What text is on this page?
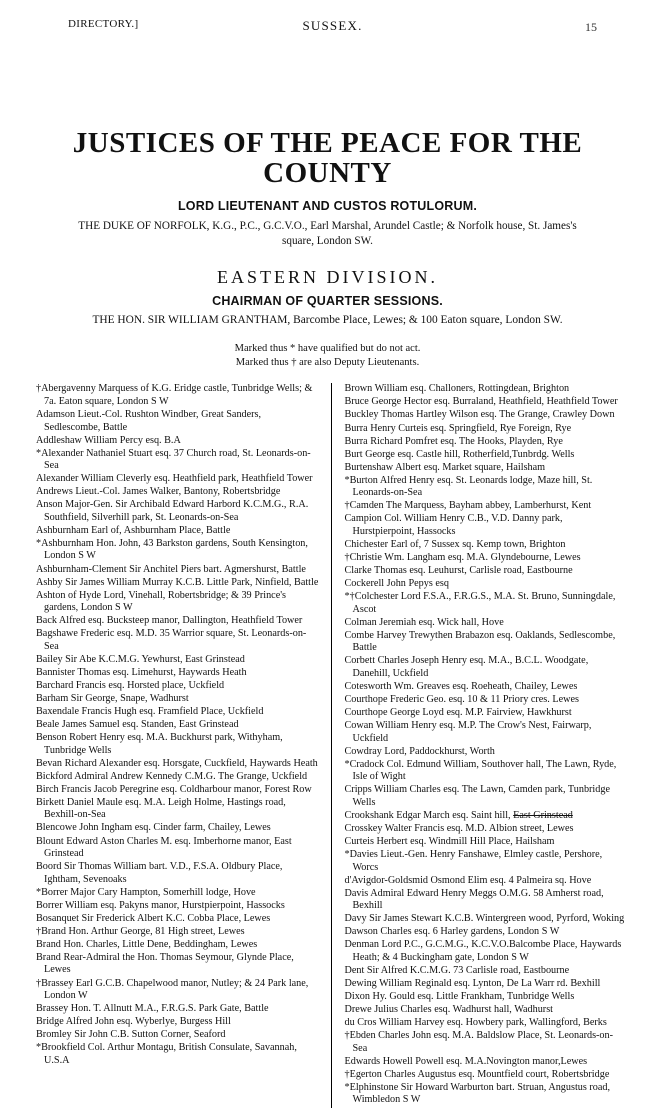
DIRECTORY.]	SUSSEX.	15
JUSTICES OF THE PEACE FOR THE COUNTY
LORD LIEUTENANT AND CUSTOS ROTULORUM.
THE DUKE OF NORFOLK, K.G., P.C., G.C.V.O., Earl Marshal, Arundel Castle; & Norfolk house, St. James's square, London SW.
EASTERN DIVISION.
CHAIRMAN OF QUARTER SESSIONS.
THE HON. SIR WILLIAM GRANTHAM, Barcombe Place, Lewes; & 100 Eaton square, London SW.
Marked thus * have qualified but do not act.
Marked thus † are also Deputy Lieutenants.
†Abergavenny Marquess of K.G. Eridge castle, Tunbridge Wells; & 7a. Eaton square, London S W
Adamson Lieut.-Col. Rushton Windber, Great Sanders, Sedlescombe, Battle
Addleshaw William Percy esq. B.A
*Alexander Nathaniel Stuart esq. 37 Church road, St. Leonards-on-Sea
Alexander William Cleverly esq. Heathfield park, Heathfield Tower
Andrews Lieut.-Col. James Walker, Bantony, Robertsbridge
Anson Major-Gen. Sir Archibald Edward Harbord K.C.M.G., R.A. Southfield, Silverhill park, St. Leonards-on-Sea
Ashburnham Earl of, Ashburnham Place, Battle
*Ashburnham Hon. John, 43 Barkston gardens, South Kensington, London S W
Ashburnham-Clement Sir Anchitel Piers bart. Agmershurst, Battle
Ashby Sir James William Murray K.C.B. Little Park, Ninfield, Battle
Ashton of Hyde Lord, Vinehall, Robertsbridge; & 39 Prince's gardens, London S W
Back Alfred esq. Bucksteep manor, Dallington, Heathfield Tower
Bagshawe Frederic esq. M.D. 35 Warrior square, St. Leonards-on-Sea
Bailey Sir Abe K.C.M.G. Yewhurst, East Grinstead
Bannister Thomas esq. Limehurst, Haywards Heath
Barchard Francis esq. Horsted place, Uckfield
Barham Sir George, Snape, Wadhurst
Baxendale Francis Hugh esq. Framfield Place, Uckfield
Beale James Samuel esq. Standen, East Grinstead
Benson Robert Henry esq. M.A. Buckhurst park, Withyham, Tunbridge Wells
Bevan Richard Alexander esq. Horsgate, Cuckfield, Haywards Heath
Bickford Admiral Andrew Kennedy C.M.G. The Grange, Uckfield
Birch Francis Jacob Peregrine esq. Coldharbour manor, Forest Row
Birkett Daniel Maule esq. M.A. Leigh Holme, Hastings road, Bexhill-on-Sea
Blencowe John Ingham esq. Cinder farm, Chailey, Lewes
Blount Edward Aston Charles M. esq. Imberhorne manor, East Grinstead
Boord Sir Thomas William bart. V.D., F.S.A. Oldbury Place, Ightham, Sevenoaks
*Borrer Major Cary Hampton, Somerhill lodge, Hove
Borrer William esq. Pakyns manor, Hurstpierpoint, Hassocks
Bosanquet Sir Frederick Albert K.C. Cobba Place, Lewes
†Brand Hon. Arthur George, 81 High street, Lewes
Brand Hon. Charles, Little Dene, Beddingham, Lewes
Brand Rear-Admiral the Hon. Thomas Seymour, Glynde Place, Lewes
†Brassey Earl G.C.B. Chapelwood manor, Nutley; & 24 Park lane, London W
Brassey Hon. T. Allnutt M.A., F.R.G.S. Park Gate, Battle
Bridge Alfred John esq. Wyberlye, Burgess Hill
Bromley Sir John C.B. Sutton Corner, Seaford
*Brookfield Col. Arthur Montagu, British Consulate, Savannah, U.S.A
Brown William esq. Challoners, Rottingdean, Brighton
Bruce George Hector esq. Burraland, Heathfield, Heathfield Tower
Buckley Thomas Hartley Wilson esq. The Grange, Crawley Down
Burra Henry Curteis esq. Springfield, Rye Foreign, Rye
Burra Richard Pomfret esq. The Hooks, Playden, Rye
Burt George esq. Castle hill, Rotherfield,Tunbrdg. Wells
Burtenshaw Albert esq. Market square, Hailsham
*Burton Alfred Henry esq. St. Leonards lodge, Maze hill, St. Leonards-on-Sea
†Camden The Marquess, Bayham abbey, Lamberhurst, Kent
Campion Col. William Henry C.B., V.D. Danny park, Hurstpierpoint, Hassocks
Chichester Earl of, 7 Sussex sq. Kemp town, Brighton
†Christie Wm. Langham esq. M.A. Glyndebourne, Lewes
Clarke Thomas esq. Leuhurst, Carlisle road, Eastbourne
Cockerell John Pepys esq
*†Colchester Lord F.S.A., F.R.G.S., M.A. St. Bruno, Sunningdale, Ascot
Colman Jeremiah esq. Wick hall, Hove
Combe Harvey Trewythen Brabazon esq. Oaklands, Sedlescombe, Battle
Corbett Charles Joseph Henry esq. M.A., B.C.L. Woodgate, Danehill, Uckfield
Cotesworth Wm. Greaves esq. Roeheath, Chailey, Lewes
Courthope Frederic Geo. esq. 10 & 11 Priory cres. Lewes
Courthope George Loyd esq. M.P. Fairview, Hawkhurst
Cowan William Henry esq. M.P. The Crow's Nest, Fairwarp, Uckfield
Cowdray Lord, Paddockhurst, Worth
*Cradock Col. Edmund William, Southover hall, The Lawn, Ryde, Isle of Wight
Cripps William Charles esq. The Lawn, Camden park, Tunbridge Wells
Crookshank Edgar March esq. Saint hill, East Grinstead
Crosskey Walter Francis esq. M.D. Albion street, Lewes
Curteis Herbert esq. Windmill Hill Place, Hailsham
*Davies Lieut.-Gen. Henry Fanshawe, Elmley castle, Pershore, Worcs
d'Avigdor-Goldsmid Osmond Elim esq. 4 Palmeira sq. Hove
Davis Admiral Edward Henry Meggs O.M.G. 58 Amherst road, Bexhill
Davy Sir James Stewart K.C.B. Wintergreen wood, Pyrford, Woking
Dawson Charles esq. 6 Harley gardens, London S W
Denman Lord P.C., G.C.M.G., K.C.V.O.Balcombe Place, Haywards Heath; & 4 Buckingham gate, London S W
Dent Sir Alfred K.C.M.G. 73 Carlisle road, Eastbourne
Dewing William Reginald esq. Lynton, De La Warr rd. Bexhill
Dixon Hy. Gould esq. Little Frankham, Tunbridge Wells
Drewe Julius Charles esq. Wadhurst hall, Wadhurst
du Cros William Harvey esq. Howbery park, Wallingford, Berks
†Ebden Charles John esq. M.A. Baldslow Place, St. Leonards-on-Sea
Edwards Howell Powell esq. M.A.Novington manor,Lewes
†Egerton Charles Augustus esq. Mountfield court, Robertsbridge
*Elphinstone Sir Howard Warburton bart. Struan, Angustus road, Wimbledon S W
